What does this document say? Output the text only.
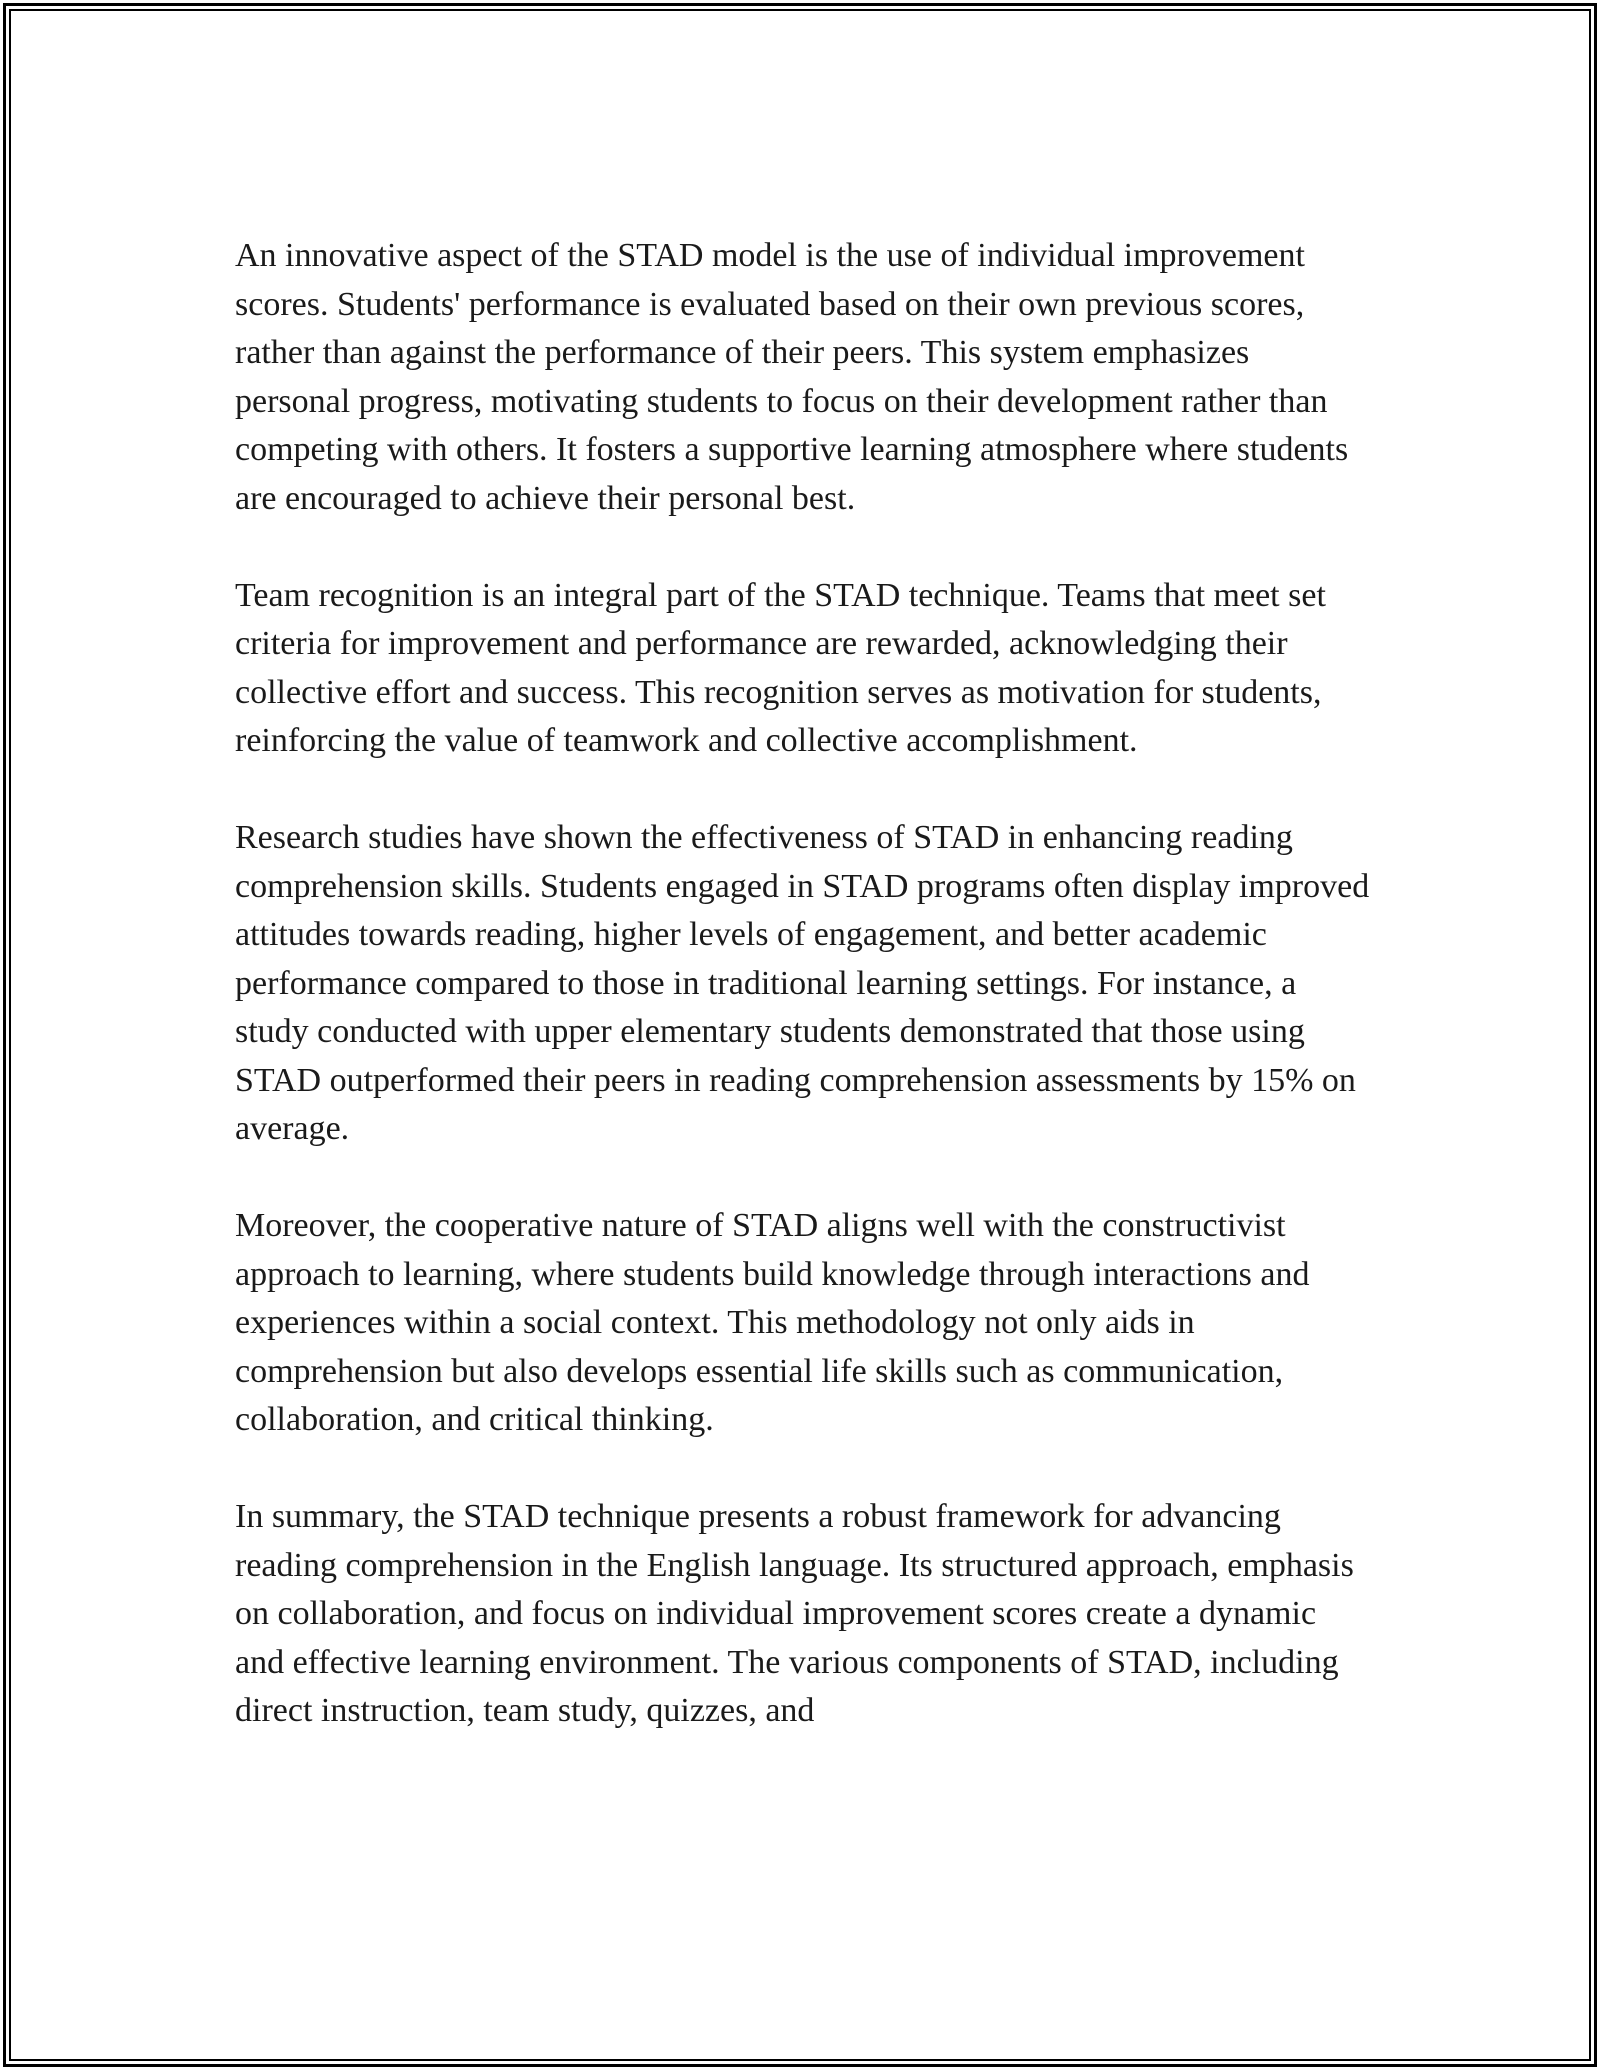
An innovative aspect of the STAD model is the use of individual improvement scores. Students' performance is evaluated based on their own previous scores, rather than against the performance of their peers. This system emphasizes personal progress, motivating students to focus on their development rather than competing with others. It fosters a supportive learning atmosphere where students are encouraged to achieve their personal best.

Team recognition is an integral part of the STAD technique. Teams that meet set criteria for improvement and performance are rewarded, acknowledging their collective effort and success. This recognition serves as motivation for students, reinforcing the value of teamwork and collective accomplishment.

Research studies have shown the effectiveness of STAD in enhancing reading comprehension skills. Students engaged in STAD programs often display improved attitudes towards reading, higher levels of engagement, and better academic performance compared to those in traditional learning settings. For instance, a study conducted with upper elementary students demonstrated that those using STAD outperformed their peers in reading comprehension assessments by 15% on average.

Moreover, the cooperative nature of STAD aligns well with the constructivist approach to learning, where students build knowledge through interactions and experiences within a social context. This methodology not only aids in comprehension but also develops essential life skills such as communication, collaboration, and critical thinking.

In summary, the STAD technique presents a robust framework for advancing reading comprehension in the English language. Its structured approach, emphasis on collaboration, and focus on individual improvement scores create a dynamic and effective learning environment. The various components of STAD, including direct instruction, team study, quizzes, and
